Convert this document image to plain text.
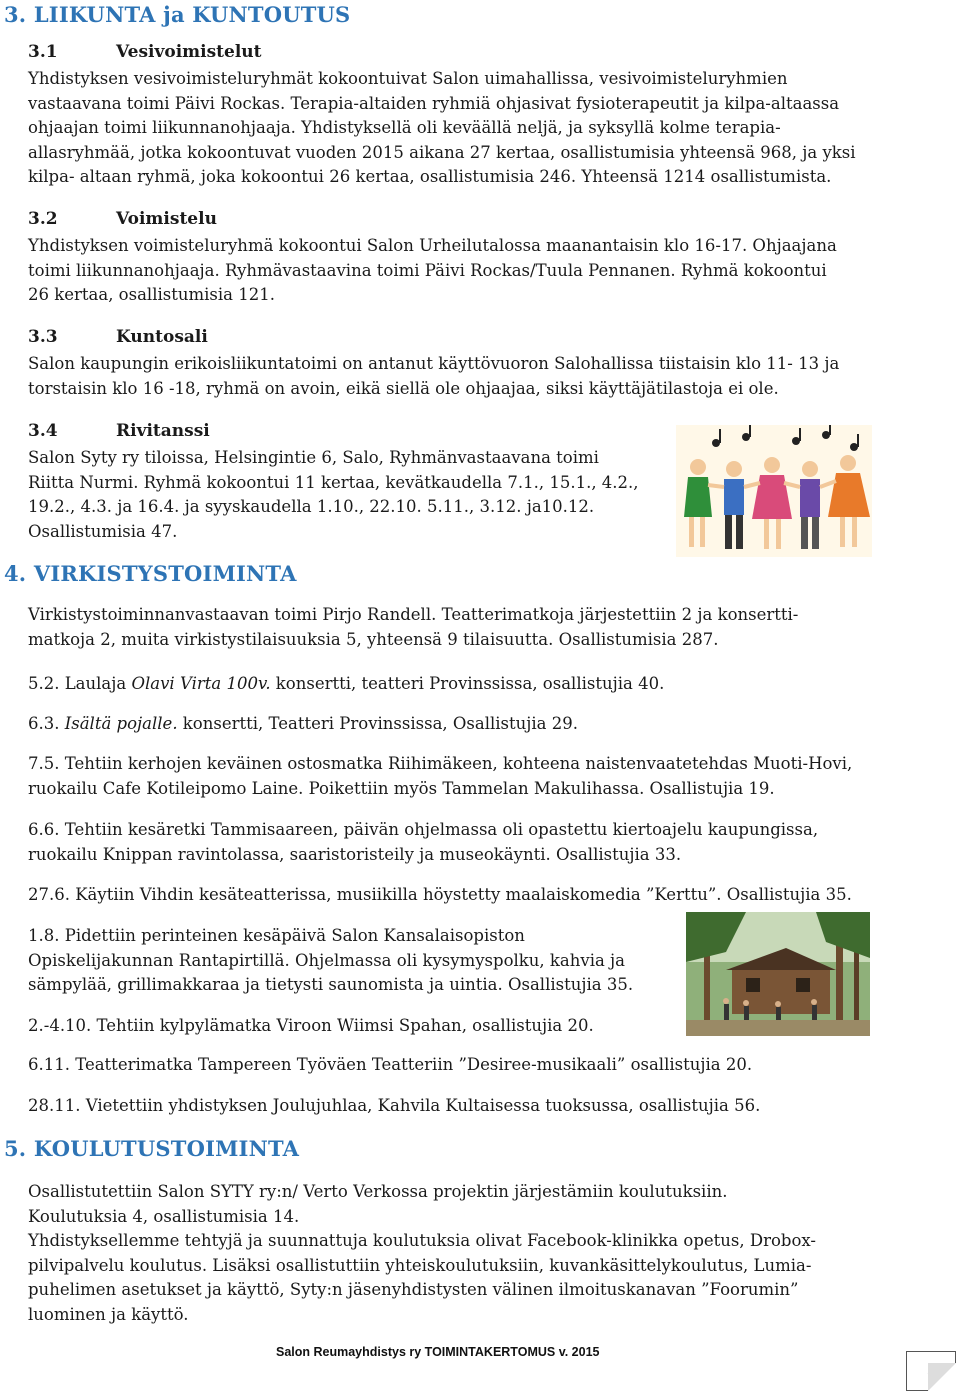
3. LIIKUNTA ja KUNTOUTUS
3.1	Vesivoimistelut
Yhdistyksen vesivoimisteluryhmät kokoontuivat Salon uimahallissa, vesivoimisteluryhmien
vastaavana toimi Päivi Rockas. Terapia-altaiden ryhmiä ohjasivat fysioterapeutit ja kilpa-altaassa
ohjaajan toimi liikunnanohjaaja. Yhdistyksellä oli keväällä neljä, ja syksyllä kolme terapia-
allasryhmää, jotka kokoontuvat vuoden 2015 aikana 27 kertaa, osallistumisia yhteensä 968, ja yksi
kilpa- altaan ryhmä, joka kokoontui 26 kertaa, osallistumisia 246. Yhteensä 1214 osallistumista.
3.2	Voimistelu
Yhdistyksen voimisteluryhmä kokoontui Salon Urheilutalossa maanantaisin klo 16-17. Ohjaajana
toimi liikunnanohjaaja. Ryhmävastaavina toimi Päivi Rockas/Tuula Pennanen. Ryhmä kokoontui
26 kertaa, osallistumisia 121.
3.3	Kuntosali
Salon kaupungin erikoisliikuntatoimi on antanut käyttövuoron Salohallissa tiistaisin klo 11- 13 ja
torstaisin klo 16 -18, ryhmä on avoin, eikä siellä ole ohjaajaa, siksi käyttäjätilastoja ei ole.
3.4	Rivitanssi
Salon Syty ry tiloissa, Helsingintie 6, Salo, Ryhmänvastaavana toimi
Riitta Nurmi. Ryhmä kokoontui 11 kertaa, kevätkaudella 7.1., 15.1., 4.2.,
19.2., 4.3. ja 16.4. ja syyskaudella 1.10., 22.10. 5.11., 3.12. ja10.12.
Osallistumisia 47.
4. VIRKISTYSTOIMINTA
Virkistystoiminnanvastaavan toimi Pirjo Randell. Teatterimatkoja järjestettiin 2 ja konsertti-
matkoja 2, muita virkistystilaisuuksia 5, yhteensä 9 tilaisuutta. Osallistumisia 287.
5.2. Laulaja Olavi Virta 100v. konsertti, teatteri Provinssissa, osallistujia 40.
6.3. Isältä pojalle. konsertti, Teatteri Provinssissa, Osallistujia 29.
7.5. Tehtiin kerhojen keväinen ostosmatka Riihimäkeen, kohteena naistenvaatetehdas Muoti-Hovi,
ruokailu Cafe Kotileipomo Laine. Poikettiin myös Tammelan Makulihassa. Osallistujia 19.
6.6. Tehtiin kesäretki Tammisaareen, päivän ohjelmassa oli opastettu kiertoajelu kaupungissa,
ruokailu Knippan ravintolassa, saaristoristeily ja museokäynti. Osallistujia 33.
27.6. Käytiin Vihdin kesäteatterissa, musiikilla höystetty maalaiskomedia ”Kerttu”. Osallistujia 35.
1.8. Pidettiin perinteinen kesäpäivä Salon Kansalaisopiston
Opiskelijakunnan Rantapirtillä. Ohjelmassa oli kysymyspolku, kahvia ja
sämpylää, grillimakkaraa ja tietysti saunomista ja uintia. Osallistujia 35.
2.-4.10. Tehtiin kylpylämatka Viroon Wiimsi Spahan, osallistujia 20.
6.11. Teatterimatka Tampereen Työväen Teatteriin ”Desiree-musikaali” osallistujia 20.
28.11. Vietettiin yhdistyksen Joulujuhlaa, Kahvila Kultaisessa tuoksussa, osallistujia 56.
5. KOULUTUSTOIMINTA
Osallistutettiin Salon SYTY ry:n/ Verto Verkossa projektin järjestämiin koulutuksiin.
Koulutuksia 4, osallistumisia 14.
Yhdistyksellemme tehtyjä ja suunnattuja koulutuksia olivat Facebook-klinikka opetus, Drobox-
pilvipalvelu koulutus. Lisäksi osallistuttiin yhteiskoulutuksiin, kuvankäsittelykoulutus, Lumia-
puhelimen asetukset ja käyttö, Syty:n jäsenyhdistysten välinen ilmoituskanavan ”Foorumin”
luominen ja käyttö.
Salon Reumayhdistys ry TOIMINTAKERTOMUS v. 2015
3
